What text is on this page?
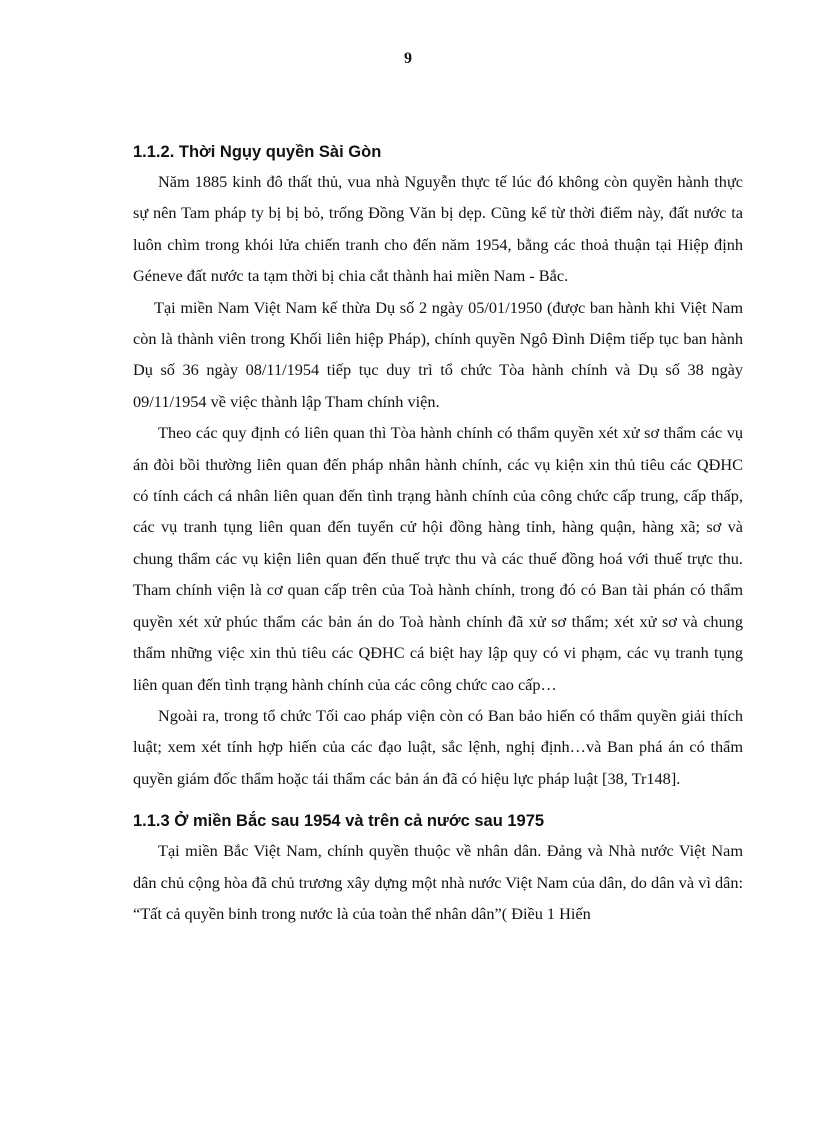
9
1.1.2. Thời Ngụy quyền Sài Gòn

Năm 1885 kinh đô thất thủ, vua nhà Nguyễn thực tế lúc đó không còn quyền hành thực sự nên Tam pháp ty bị bị bỏ, trống Đồng Văn bị dẹp. Cũng kể từ thời điểm này, đất nước ta luôn chìm trong khói lửa chiến tranh cho đến năm 1954, bằng các thoả thuận tại Hiệp định Géneve đất nước ta tạm thời bị chia cắt thành hai miền Nam - Bắc.

Tại miền Nam Việt Nam kế thừa Dụ số 2 ngày 05/01/1950 (được ban hành khi Việt Nam còn là thành viên trong Khối liên hiệp Pháp), chính quyền Ngô Đình Diệm tiếp tục ban hành Dụ số 36 ngày 08/11/1954 tiếp tục duy trì tổ chức Tòa hành chính và Dụ số 38 ngày 09/11/1954 về việc thành lập Tham chính viện.

Theo các quy định có liên quan thì Tòa hành chính có thẩm quyền xét xử sơ thẩm các vụ án đòi bồi thường liên quan đến pháp nhân hành chính, các vụ kiện xin thủ tiêu các QĐHC có tính cách cá nhân liên quan đến tình trạng hành chính của công chức cấp trung, cấp thấp, các vụ tranh tụng liên quan đến tuyển cử hội đồng hàng tỉnh, hàng quận, hàng xã; sơ và chung thẩm các vụ kiện liên quan đến thuế trực thu và các thuế đồng hoá với thuế trực thu. Tham chính viện là cơ quan cấp trên của Toà hành chính, trong đó có Ban tài phán có thẩm quyền xét xử phúc thẩm các bản án do Toà hành chính đã xử sơ thẩm; xét xử sơ và chung thẩm những việc xin thủ tiêu các QĐHC cá biệt hay lập quy có vi phạm, các vụ tranh tụng liên quan đến tình trạng hành chính của các công chức cao cấp…

Ngoài ra, trong tổ chức Tối cao pháp viện còn có Ban bảo hiến có thẩm quyền giải thích luật; xem xét tính hợp hiến của các đạo luật, sắc lệnh, nghị định…và Ban phá án có thẩm quyền giám đốc thẩm hoặc tái thẩm các bản án đã có hiệu lực pháp luật [38, Tr148].

1.1.3 Ở miền Bắc sau 1954 và trên cả nước sau 1975

Tại miền Bắc Việt Nam, chính quyền thuộc về nhân dân. Đảng và Nhà nước Việt Nam dân chủ cộng hòa đã chủ trương xây dựng một nhà nước Việt Nam của dân, do dân và vì dân: “Tất cả quyền binh trong nước là của toàn thể nhân dân”( Điều 1 Hiến
